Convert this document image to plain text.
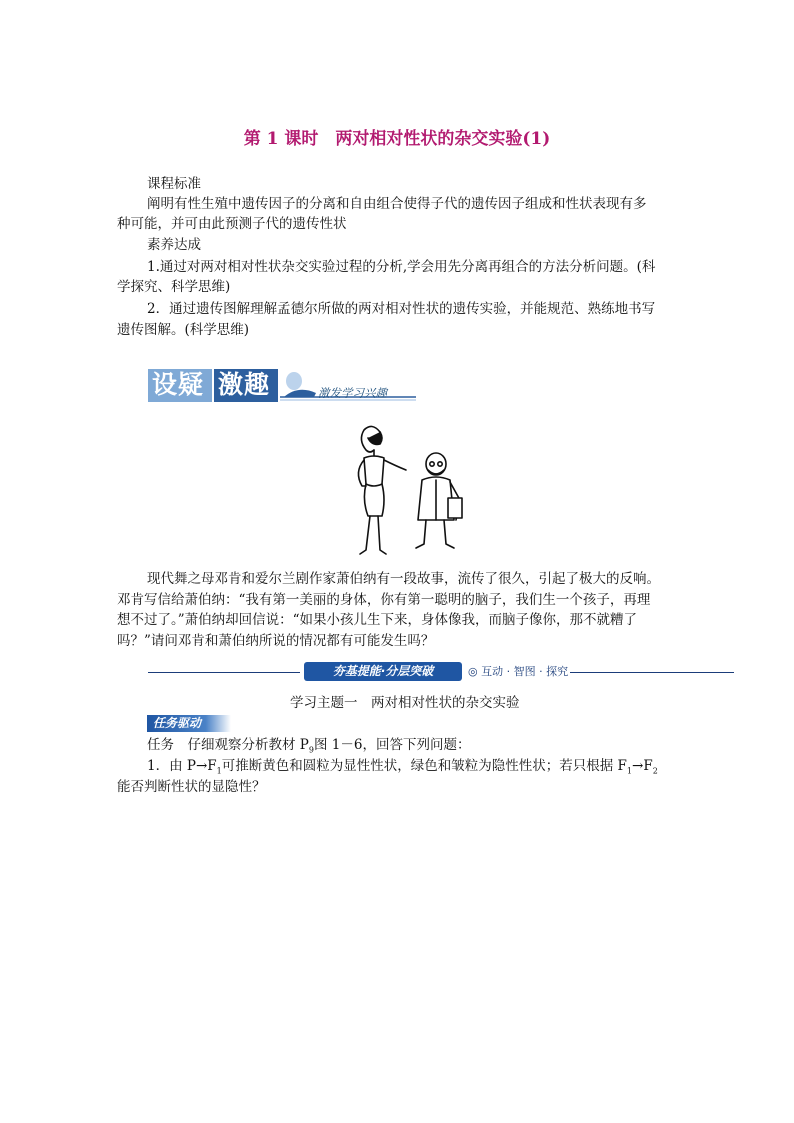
第 1 课时　两对相对性状的杂交实验(1)
课程标准
阐明有性生殖中遗传因子的分离和自由组合使得子代的遗传因子组成和性状表现有多
种可能，并可由此预测子代的遗传性状
素养达成
1.通过对两对相对性状杂交实验过程的分析,学会用先分离再组合的方法分析问题。(科
学探究、科学思维)
2．通过遗传图解理解孟德尔所做的两对相对性状的遗传实验，并能规范、熟练地书写
遗传图解。(科学思维)
设疑 激趣	激发学习兴趣
现代舞之母邓肯和爱尔兰剧作家萧伯纳有一段故事，流传了很久，引起了极大的反响。
邓肯写信给萧伯纳：“我有第一美丽的身体，你有第一聪明的脑子，我们生一个孩子，再理
想不过了。”萧伯纳却回信说：“如果小孩儿生下来，身体像我，而脑子像你，那不就糟了
吗？”请问邓肯和萧伯纳所说的情况都有可能发生吗？
夯基提能·分层突破	◎ 互动 · 智图 · 探究
学习主题一　两对相对性状的杂交实验
任务驱动
任务　仔细观察分析教材 $P_9$图 1－6，回答下列问题：
1．由 $P\to F_1$可推断黄色和圆粒为显性性状，绿色和皱粒为隐性性状；若只根据 $F_1\to F_2$
能否判断性状的显隐性？
